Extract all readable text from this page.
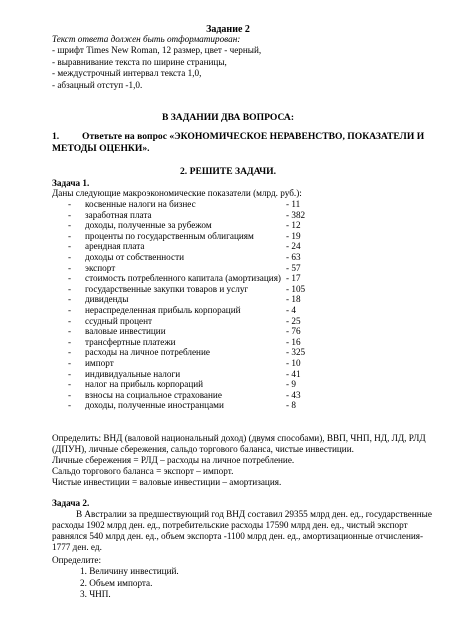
Задание 2
Текст ответа должен быть отформатирован:
- шрифт Times New Roman, 12 размер, цвет - черный,
- выравнивание текста по ширине страницы,
- междустрочный интервал текста 1,0,
- абзацный отступ -1,0.
В ЗАДАНИИ ДВА ВОПРОСА:
1. Ответьте на вопрос «ЭКОНОМИЧЕСКОЕ НЕРАВЕНСТВО, ПОКАЗАТЕЛИ И МЕТОДЫ ОЦЕНКИ».
2. РЕШИТЕ ЗАДАЧИ.
Задача 1.
Даны следующие макроэкономические показатели (млрд. руб.):
- косвенные налоги на бизнес	- 11
- заработная плата	- 382
- доходы, полученные за рубежом	- 12
- проценты по государственным облигациям	- 19
- арендная плата	- 24
- доходы от собственности	- 63
- экспорт	- 57
- стоимость потребленного капитала (амортизация) - 17
- государственные закупки товаров и услуг	- 105
- дивиденды	- 18
- нераспределенная прибыль корпораций	- 4
- ссудный процент	- 25
- валовые инвестиции	- 76
- трансфертные платежи	- 16
- расходы на личное потребление	- 325
- импорт	- 10
- индивидуальные налоги	- 41
- налог на прибыль корпораций	- 9
- взносы на социальное страхование	- 43
- доходы, полученные иностранцами	- 8
Определить: ВНД (валовой национальный доход) (двумя способами), ВВП, ЧНП, НД, ЛД, РЛД (ДПУН), личные сбережения, сальдо торгового баланса, чистые инвестиции.
Личные сбережения = РЛД – расходы на личное потребление.
Сальдо торгового баланса = экспорт – импорт.
Чистые инвестиции = валовые инвестиции – амортизация.
Задача 2.
В Австралии за предшествующий год ВНД составил 29355 млрд ден. ед., государственные расходы 1902 млрд ден. ед., потребительские расходы 17590 млрд ден. ед., чистый экспорт равнялся 540 млрд ден. ед., объем экспорта -1100 млрд ден. ед., амортизационные отчисления- 1777 ден. ед.
Определите:
1. Величину инвестиций.
2. Объем импорта.
3. ЧНП.
